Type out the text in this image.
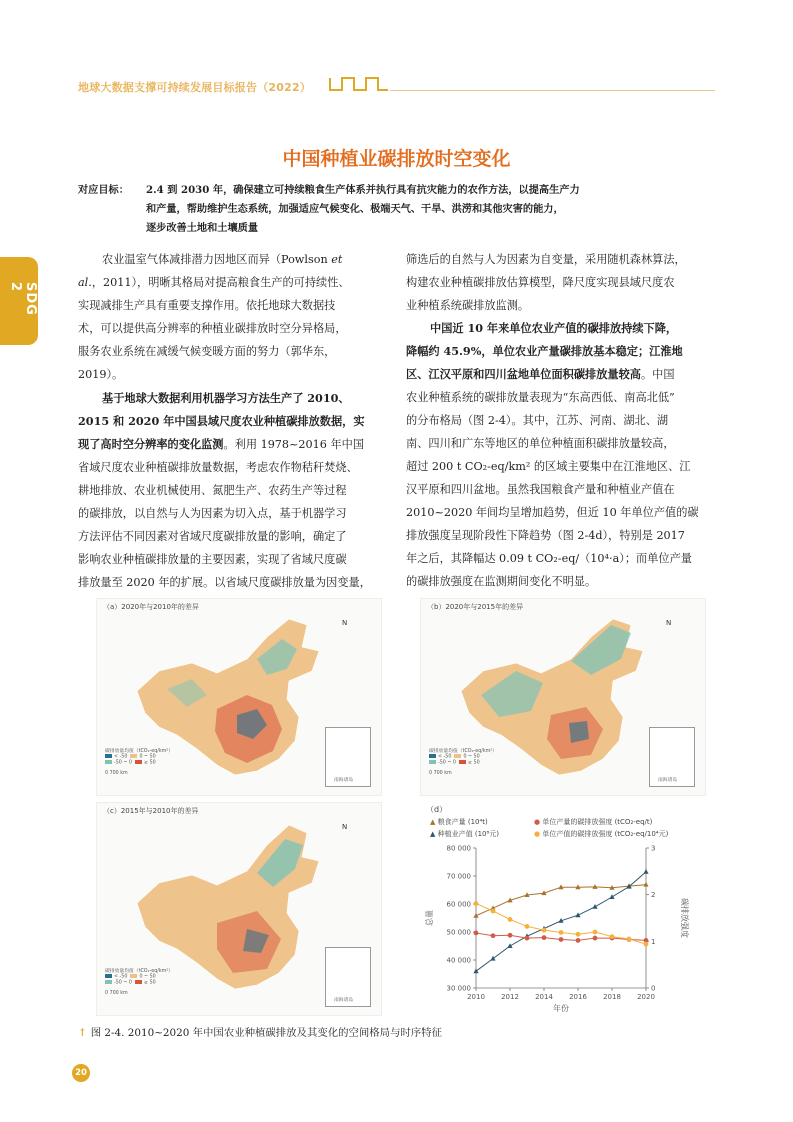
地球大数据支撑可持续发展目标报告（2022）
SDG 2
中国种植业碳排放时空变化
对应目标： 2.4 到 2030 年，确保建立可持续粮食生产体系并执行具有抗灾能力的农作方法，以提高生产力
和产量，帮助维护生态系统，加强适应气候变化、极端天气、干旱、洪涝和其他灾害的能力，
逐步改善土地和土壤质量
农业温室气体减排潜力因地区而异（Powlson et
al.，2011），明晰其格局对提高粮食生产的可持续性、
实现减排生产具有重要支撑作用。依托地球大数据技
术，可以提供高分辨率的种植业碳排放时空分异格局，
服务农业系统在减缓气候变暖方面的努力（郭华东，
2019）。
基于地球大数据利用机器学习方法生产了 2010、
2015 和 2020 年中国县域尺度农业种植碳排放数据，实
现了高时空分辨率的变化监测。利用 1978~2016 年中国
省域尺度农业种植碳排放量数据，考虑农作物秸秆焚烧、
耕地排放、农业机械使用、氮肥生产、农药生产等过程
的碳排放，以自然与人为因素为切入点，基于机器学习
方法评估不同因素对省域尺度碳排放量的影响，确定了
影响农业种植碳排放量的主要因素，实现了省域尺度碳
排放量至 2020 年的扩展。以省域尺度碳排放量为因变量，
筛选后的自然与人为因素为自变量，采用随机森林算法，
构建农业种植碳排放估算模型，降尺度实现县域尺度农
业种植系统碳排放监测。
中国近 10 年来单位农业产值的碳排放持续下降，
降幅约 45.9%，单位农业产量碳排放基本稳定；江淮地
区、江汉平原和四川盆地单位面积碳排放量较高。中国
农业种植系统的碳排放量表现为“东高西低、南高北低”
的分布格局（图 2-4）。其中，江苏、河南、湖北、湖
南、四川和广东等地区的单位种植面积碳排放量较高，
超过 200 t CO₂-eq/km² 的区域主要集中在江淮地区、江
汉平原和四川盆地。虽然我国粮食产量和种植业产值在
2010~2020 年间均呈增加趋势，但近 10 年单位产值的碳
排放强度呈现阶段性下降趋势（图 2-4d），特别是 2017
年之后，其降幅达 0.09 t CO₂-eq/（10⁴·a）；而单位产量
的碳排放强度在监测期间变化不明显。
（a）2020年与2010年的差异
N
南海诸岛
碳排放量均值（tCO₂-eq/km²）
< -50	0 ~ 50
-50 ~ 0	≥ 50
0 700 km
（b）2020年与2015年的差异
N
南海诸岛
碳排放量均值（tCO₂-eq/km²）
< -50	0 ~ 50
-50 ~ 0	≥ 50
0 700 km
（c）2015年与2010年的差异
N
南海诸岛
碳排放量均值（tCO₂-eq/km²）
< -50	0 ~ 50
-50 ~ 0	≥ 50
0 700 km
（d）
▲ 粮食产量 (10⁴t)
▲ 种植业产值 (10⁸元)
● 单位产量的碳排放强度 (tCO₂-eq/t)
● 单位产值的碳排放强度 (tCO₂-eq/10⁴元)
30 000
40 000
50 000
60 000
70 000
80 000
0
1
2
3
2010 2012 2014 2016 2018 2020
年份
总量	碳排放强度
↑ 图 2-4. 2010~2020 年中国农业种植碳排放及其变化的空间格局与时序特征
20
